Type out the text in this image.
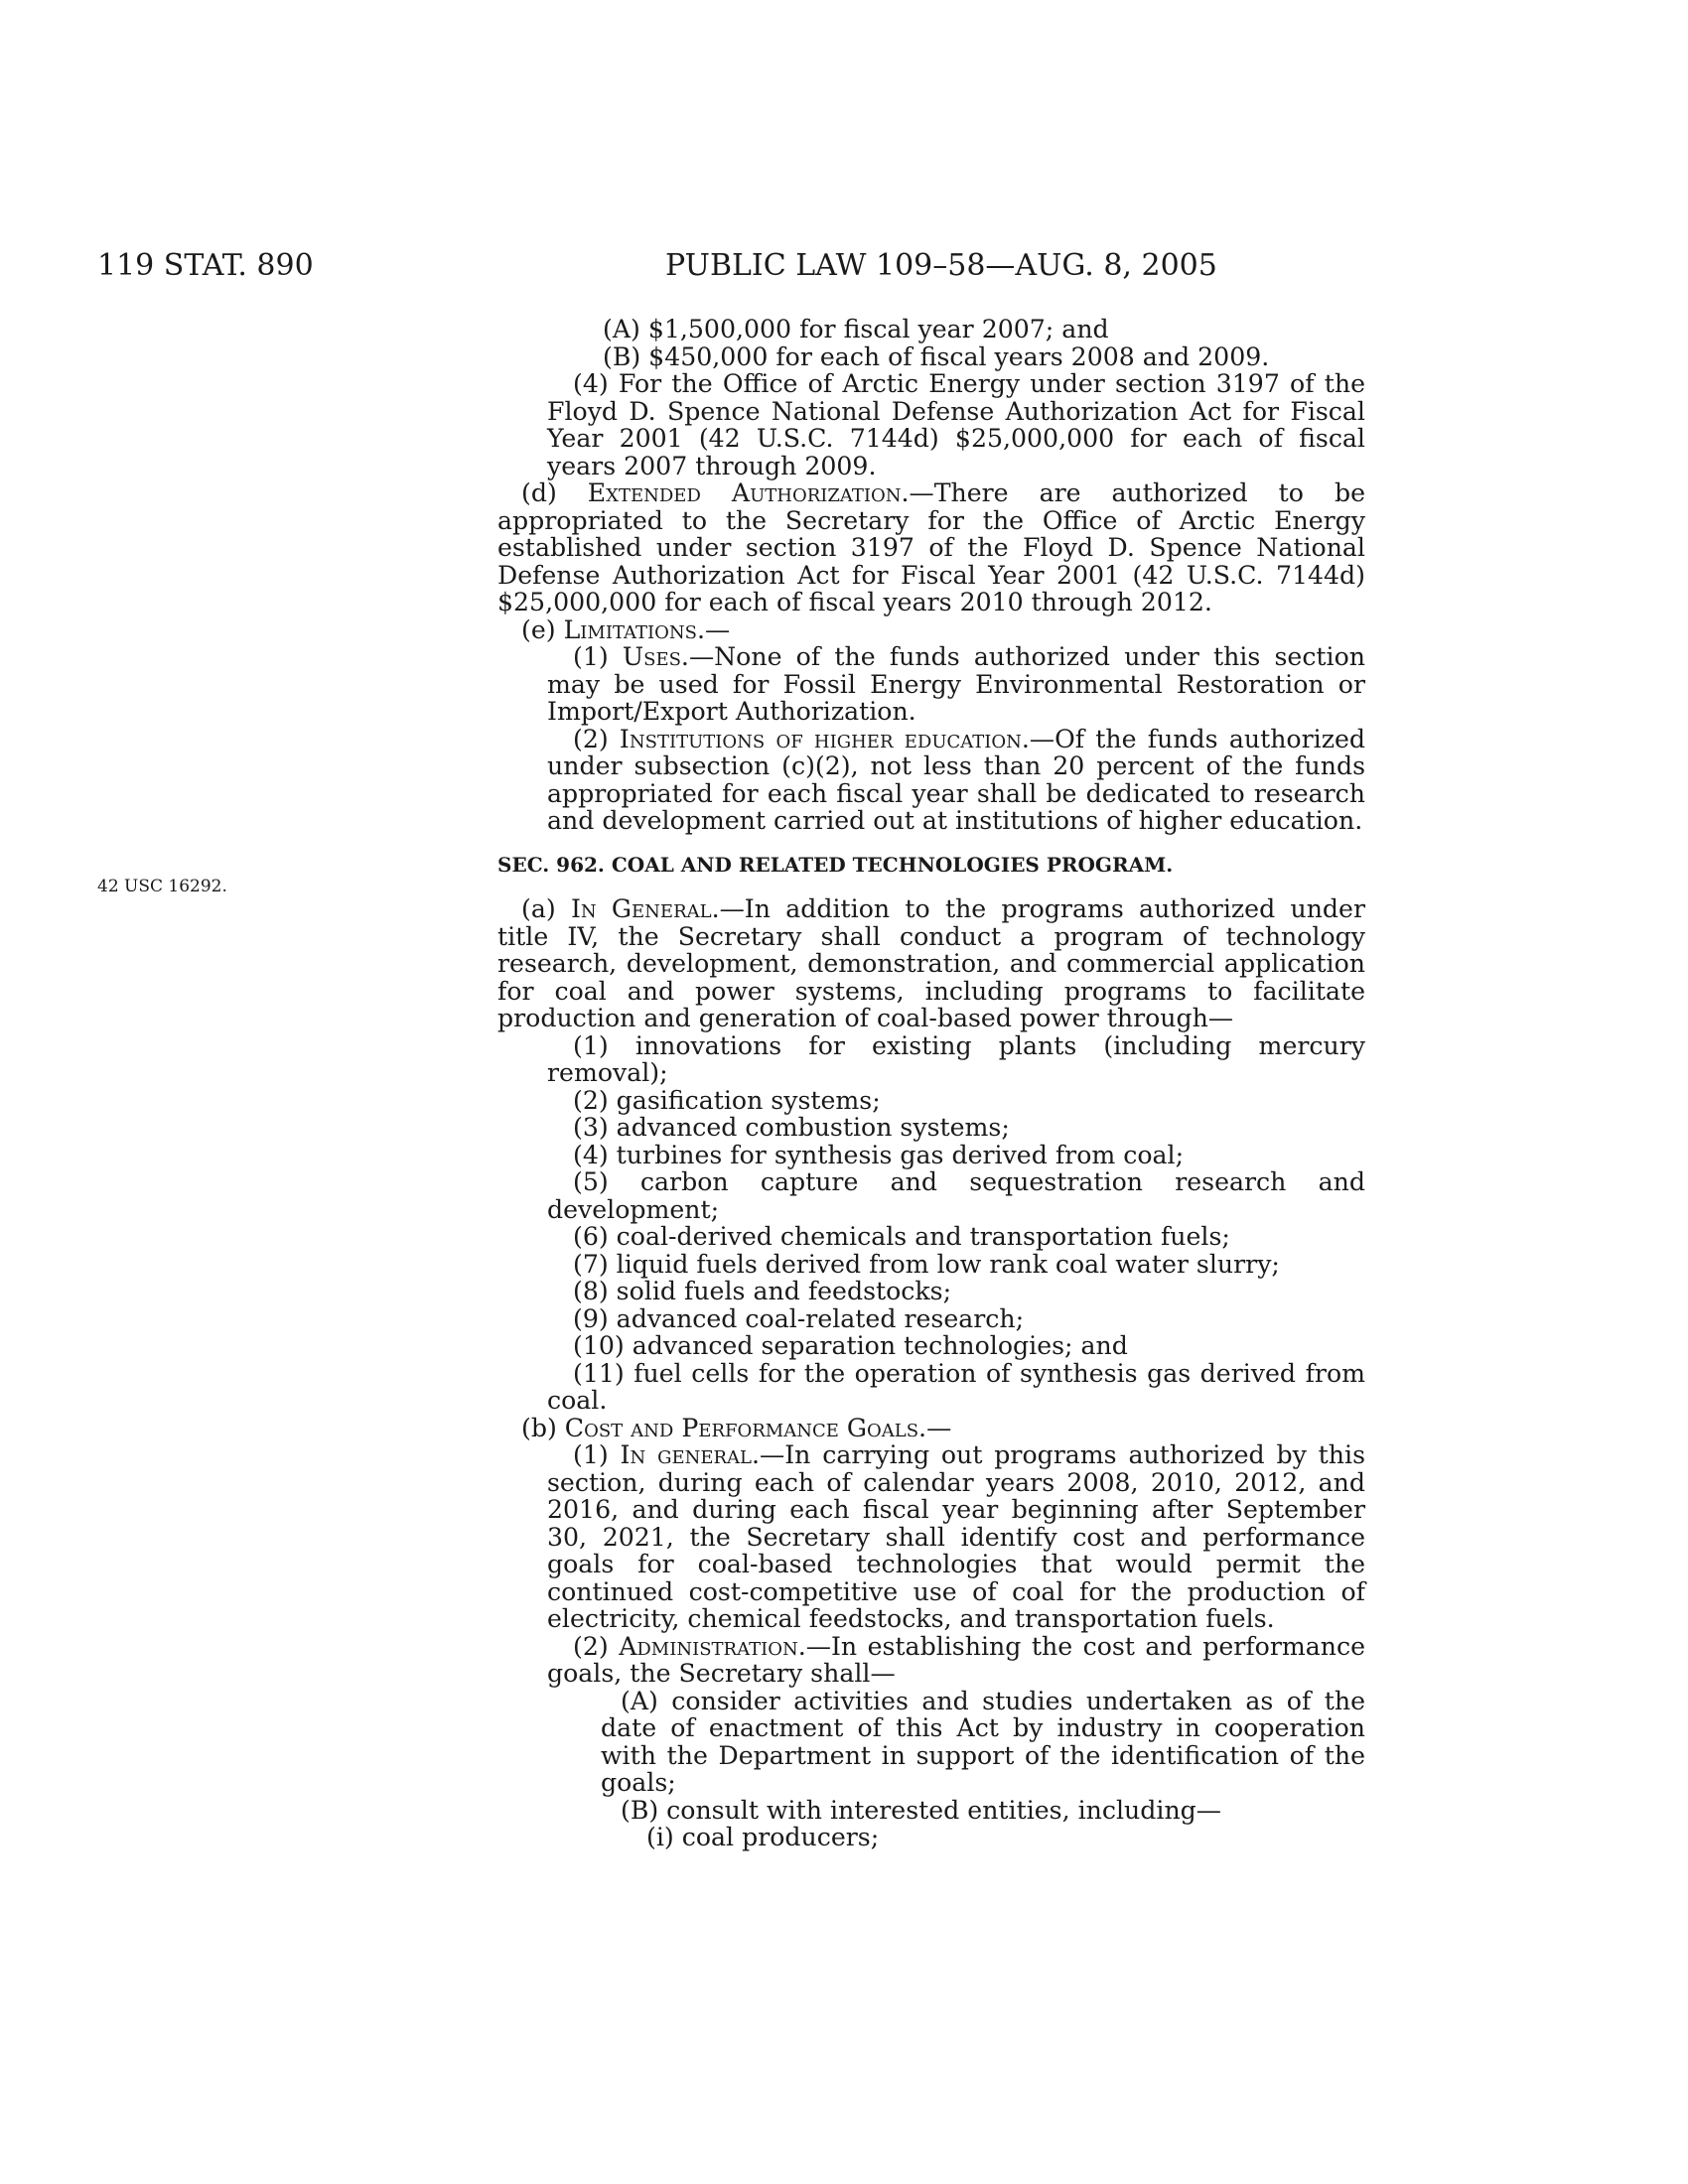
119 STAT. 890	PUBLIC LAW 109–58—AUG. 8, 2005
42 USC 16292.

(A) $1,500,000 for fiscal year 2007; and

(B) $450,000 for each of fiscal years 2008 and 2009.

(4) For the Office of Arctic Energy under section 3197 of the Floyd D. Spence National Defense Authorization Act for Fiscal Year 2001 (42 U.S.C. 7144d) $25,000,000 for each of fiscal years 2007 through 2009.

(d) Extended Authorization.—There are authorized to be appropriated to the Secretary for the Office of Arctic Energy established under section 3197 of the Floyd D. Spence National Defense Authorization Act for Fiscal Year 2001 (42 U.S.C. 7144d) $25,000,000 for each of fiscal years 2010 through 2012.

(e) Limitations.—

(1) Uses.—None of the funds authorized under this section may be used for Fossil Energy Environmental Restoration or Import/Export Authorization.

(2) Institutions of higher education.—Of the funds authorized under subsection (c)(2), not less than 20 percent of the funds appropriated for each fiscal year shall be dedicated to research and development carried out at institutions of higher education.

SEC. 962. COAL AND RELATED TECHNOLOGIES PROGRAM.

(a) In General.—In addition to the programs authorized under title IV, the Secretary shall conduct a program of technology research, development, demonstration, and commercial application for coal and power systems, including programs to facilitate production and generation of coal-based power through—

(1) innovations for existing plants (including mercury removal);

(2) gasification systems;

(3) advanced combustion systems;

(4) turbines for synthesis gas derived from coal;

(5) carbon capture and sequestration research and development;

(6) coal-derived chemicals and transportation fuels;

(7) liquid fuels derived from low rank coal water slurry;

(8) solid fuels and feedstocks;

(9) advanced coal-related research;

(10) advanced separation technologies; and

(11) fuel cells for the operation of synthesis gas derived from coal.

(b) Cost and Performance Goals.—

(1) In general.—In carrying out programs authorized by this section, during each of calendar years 2008, 2010, 2012, and 2016, and during each fiscal year beginning after September 30, 2021, the Secretary shall identify cost and performance goals for coal-based technologies that would permit the continued cost-competitive use of coal for the production of electricity, chemical feedstocks, and transportation fuels.

(2) Administration.—In establishing the cost and performance goals, the Secretary shall—

(A) consider activities and studies undertaken as of the date of enactment of this Act by industry in cooperation with the Department in support of the identification of the goals;

(B) consult with interested entities, including—

(i) coal producers;
